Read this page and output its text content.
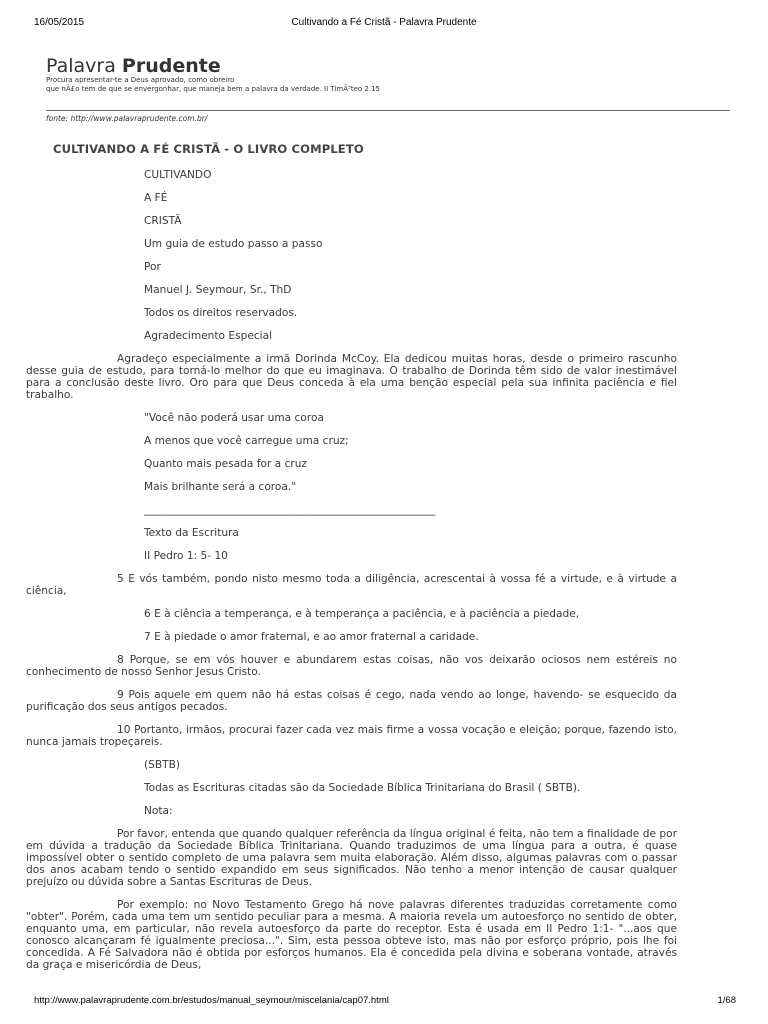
16/05/2015	Cultivando a Fé Cristã - Palavra Prudente
Palavra Prudente
Procura apresentar-te a Deus aprovado, como obreiro
que nÃ£o tem de que se envergonhar, que maneja bem a palavra da verdade. II TimÃ³teo 2.15
fonte: http://www.palavraprudente.com.br/
CULTIVANDO A FÉ CRISTÃ - O LIVRO COMPLETO

CULTIVANDO

A FÉ

CRISTÃ

Um guia de estudo passo a passo

Por

Manuel J. Seymour, Sr., ThD

Todos os direitos reservados.

Agradecimento Especial

Agradeço especialmente a irmã Dorinda McCoy. Ela dedicou muitas horas, desde o primeiro rascunho desse guia de estudo, para torná-lo melhor do que eu imaginava. O trabalho de Dorinda têm sido de valor inestimável para a conclusão deste livro. Oro para que Deus conceda à ela uma benção especial pela sua infinita paciência e fiel trabalho.

"Você não poderá usar uma coroa

A menos que você carregue uma cruz;

Quanto mais pesada for a cruz

Mais brilhante será a coroa."

_______________________________________________________

Texto da Escritura

II Pedro 1: 5- 10

5 E vós também, pondo nisto mesmo toda a diligência, acrescentai à vossa fé a virtude, e à virtude a ciência,

6 E à ciência a temperança, e à temperança a paciência, e à paciência a piedade,

7 E à piedade o amor fraternal, e ao amor fraternal a caridade.

8 Porque, se em vós houver e abundarem estas coisas, não vos deixarão ociosos nem estéreis no conhecimento de nosso Senhor Jesus Cristo.

9 Pois aquele em quem não há estas coisas é cego, nada vendo ao longe, havendo- se esquecido da purificação dos seus antigos pecados.

10 Portanto, irmãos, procurai fazer cada vez mais firme a vossa vocação e eleição; porque, fazendo isto, nunca jamais tropeçareis.

(SBTB)

Todas as Escrituras citadas são da Sociedade Bíblica Trinitariana do Brasil ( SBTB).

Nota:

Por favor, entenda que quando qualquer referência da língua original é feita, não tem a finalidade de por em dúvida a tradução da Sociedade Bíblica Trinitariana. Quando traduzimos de uma língua para a outra, é quase impossível obter o sentido completo de uma palavra sem muita elaboração. Além disso, algumas palavras com o passar dos anos acabam tendo o sentido expandido em seus significados. Não tenho a menor intenção de causar qualquer prejuízo ou dúvida sobre a Santas Escrituras de Deus.

Por exemplo: no Novo Testamento Grego há nove palavras diferentes traduzidas corretamente como "obter". Porém, cada uma tem um sentido peculiar para a mesma. A maioria revela um autoesforço no sentido de obter, enquanto uma, em particular, não revela autoesforço da parte do receptor. Esta é usada em II Pedro 1:1- "...aos que conosco alcançaram fé igualmente preciosa...". Sim, esta pessoa obteve isto, mas não por esforço próprio, pois lhe foi concedida. A Fé Salvadora não é obtida por esforços humanos. Ela é concedida pela divina e soberana vontade, através da graça e misericórdia de Deus,

http://www.palavraprudente.com.br/estudos/manual_seymour/miscelania/cap07.html	1/68
